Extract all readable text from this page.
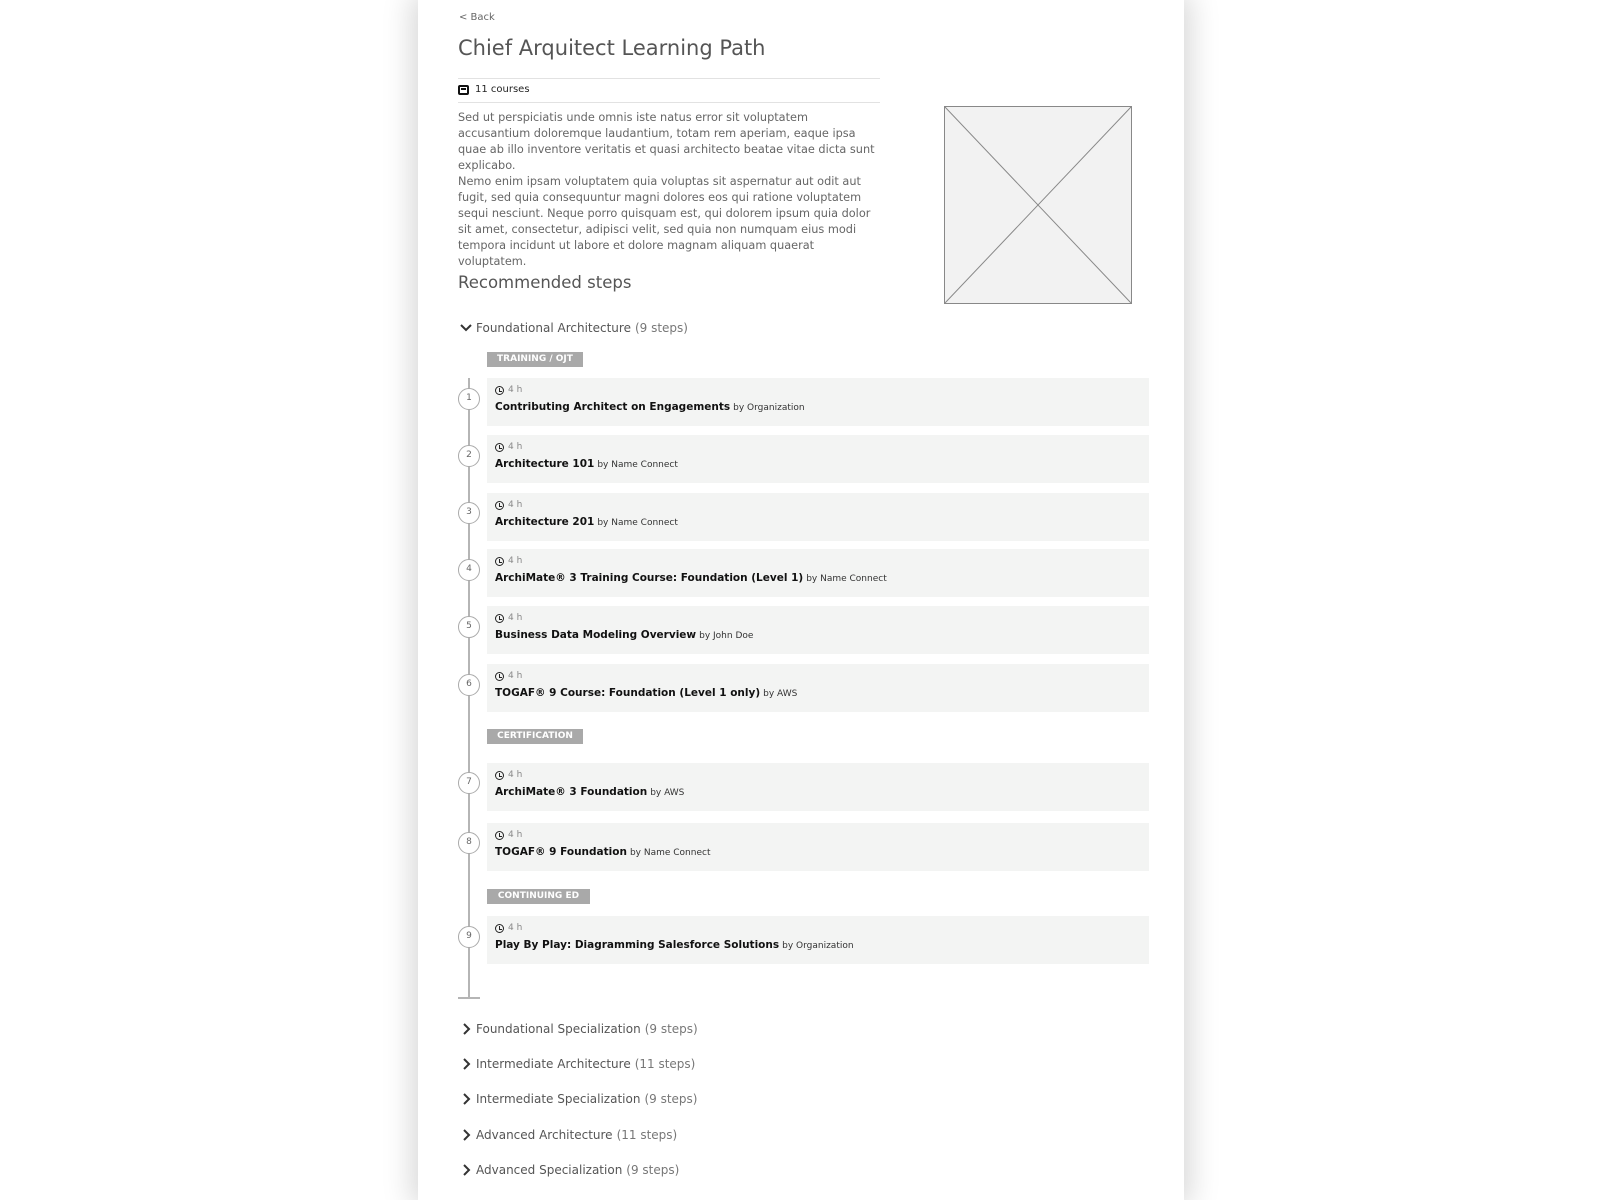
< Back
Chief Arquitect Learning Path
11 courses

Sed ut perspiciatis unde omnis iste natus error sit voluptatem accusantium doloremque laudantium, totam rem aperiam, eaque ipsa quae ab illo inventore veritatis et quasi architecto beatae vitae dicta sunt explicabo.

Nemo enim ipsam voluptatem quia voluptas sit aspernatur aut odit aut fugit, sed quia consequuntur magni dolores eos qui ratione voluptatem sequi nesciunt. Neque porro quisquam est, qui dolorem ipsum quia dolor sit amet, consectetur, adipisci velit, sed quia non numquam eius modi tempora incidunt ut labore et dolore magnam aliquam quaerat voluptatem.

Recommended steps
Foundational Architecture (9 steps)
TRAINING / OJT
CERTIFICATION
CONTINUING ED
1
4 h
Contributing Architect on Engagements by Organization
2
4 h
Architecture 101 by Name Connect
3
4 h
Architecture 201 by Name Connect
4
4 h
ArchiMate® 3 Training Course: Foundation (Level 1) by Name Connect
5
4 h
Business Data Modeling Overview by John Doe
6
4 h
TOGAF® 9 Course: Foundation (Level 1 only) by AWS
7
4 h
ArchiMate® 3 Foundation by AWS
8
4 h
TOGAF® 9 Foundation by Name Connect
9
4 h
Play By Play: Diagramming Salesforce Solutions by Organization
Foundational Specialization (9 steps)
Intermediate Architecture (11 steps)
Intermediate Specialization (9 steps)
Advanced Architecture (11 steps)
Advanced Specialization (9 steps)
